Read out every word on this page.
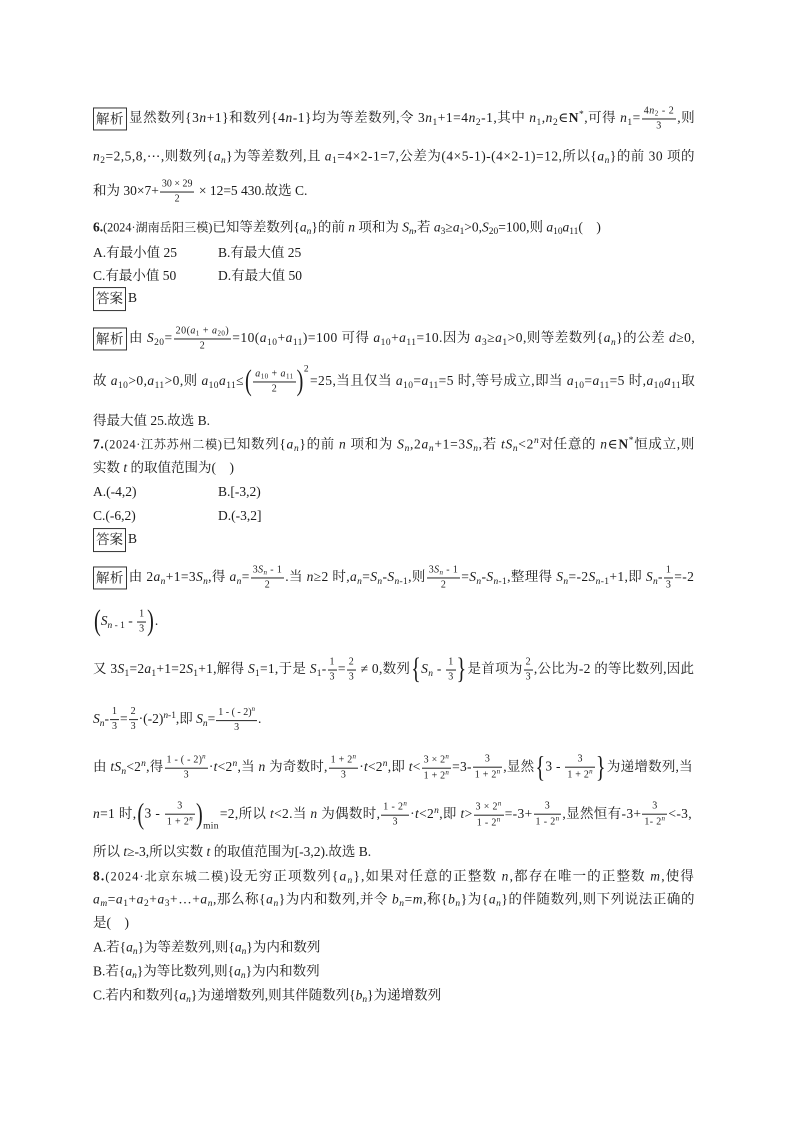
解析 显然数列{3n+1}和数列{4n-1}均为等差数列,令 $3n_1+1=4n_2-1$,其中 $n_1,n_2\in N^*$,可得 $n_1= \frac{4n_2 - 2}{3}$ ,则
$n_2=2,5,8,\cdots$,则数列$\{a_n\}$为等差数列,且 $a_1=4\times 2-1=7$,公差为(4×5-1)-(4×2-1)=12,所以$\{a_n\}$的前 30 项的
和为 $30\times 7+ \frac{30 \times 29}{2} \times 12=5$ 430.故选 C.
6.(2024·湖南岳阳三模)已知等差数列$\{a_n\}$的前 n 项和为 $S_n$,若 $a_3\ge a_1>0,S_{20}=100$,则 $a_{10}a_{11}$(    )
A.有最小值 25	B.有最大值 25
C.有最小值 50	D.有最大值 50
答案 B
解析 由 $S_{20}= \frac{20(a_1 + a_{20})}{2} =10(a_{10}+a_{11})=100$ 可得 $a_{10}+a_{11}=10$.因为 $a_3\ge a_1>0$,则等差数列$\{a_n\}$的公差 d≥0,
故 $a_{10}>0,a_{11}>0$,则 $a_{10}a_{11}\le$ ( $\frac{a_{10} + a_{11}}{2}$ ) 2
=25,当且仅当 $a_{10}=a_{11}=5$ 时,等号成立,即当 $a_{10}=a_{11}=5$ 时$,a_{10}a_{11}$取
得最大值 25.故选 B.
7.(2024·江苏苏州二模)已知数列$\{a_n\}$的前 n 项和为 $S_n,2a_n+1=3S_n$,若 $tS_n<2^n$对任意的 n∈N*恒成立,则
实数 t 的取值范围为(    )
A.(-4,2)	B.[-3,2)
C.(-6,2)	D.(-3,2]
答案 B
解析 由 $2a_n+1=3S_n$,得 $a_n= \frac{3S_n - 1}{2}$ .当 n≥2 时$,a_n=S_n-S_{n-1}$,则 $\frac{3S_n - 1}{2} =S_n-S_{n-1}$,整理得 $S_n=-2S_{n-1}+1$,即 $S_n- \frac{1}{3} =-2$
( $S_{n - 1} - \frac{1}{3}$ ) .
又 $3S_1=2a_1+1=2S_1+1$,解得 $S_1=1$,于是 $S_1- \frac{1}{3} = \frac{2}{3} \ne 0$,数列 { $S_n - \frac{1}{3}$ } 是首项为 $\frac{2}{3}$ ,公比为-2 的等比数列,因此
$S_n- \frac{1}{3} = \frac{2}{3} \cdot(-2)^{n-1}$,即 $S_n= \frac{1 - ( - 2)^n}{3}$ .
由 $tS_n<2^n$,得 $\frac{1 - ( - 2)^n}{3} \cdot t<2^n$,当 n 为奇数时, $\frac{1 + 2^n}{3} \cdot t<2^n$,即 $t< \frac{3 \times 2^n}{1 + 2^n} =3- \frac{3}{1 + 2^n}$ ,显然 { $3 - \frac{3}{1 + 2^n}$ } 为递增数列,当
n=1 时, ( $3 - \frac{3}{1 + 2^n}$ ) min
=2,所以 t<2.当 n 为偶数时, $\frac{1 - 2^n}{3} \cdot t<2^n$,即 $t> \frac{3 \times 2^n}{1 - 2^n} =-3+ \frac{3}{1 - 2^n}$ ,显然恒有$-3+ \frac{3}{1- 2^n} <-3$,
所以 t≥-3,所以实数 t 的取值范围为[-3,2).故选 B.
8.(2024·北京东城二模)设无穷正项数列$\{a_n\}$,如果对任意的正整数 n,都存在唯一的正整数 m,使得
$a_m=a_1+a_2+a_3+\dots+a_n$,那么称$\{a_n\}$为内和数列,并令 $b_n=m$,称$\{b_n\}$为$\{a_n\}$的伴随数列,则下列说法正确的
是(    )
A.若$\{a_n\}$为等差数列,则$\{a_n\}$为内和数列
B.若$\{a_n\}$为等比数列,则$\{a_n\}$为内和数列
C.若内和数列$\{a_n\}$为递增数列,则其伴随数列$\{b_n\}$为递增数列
